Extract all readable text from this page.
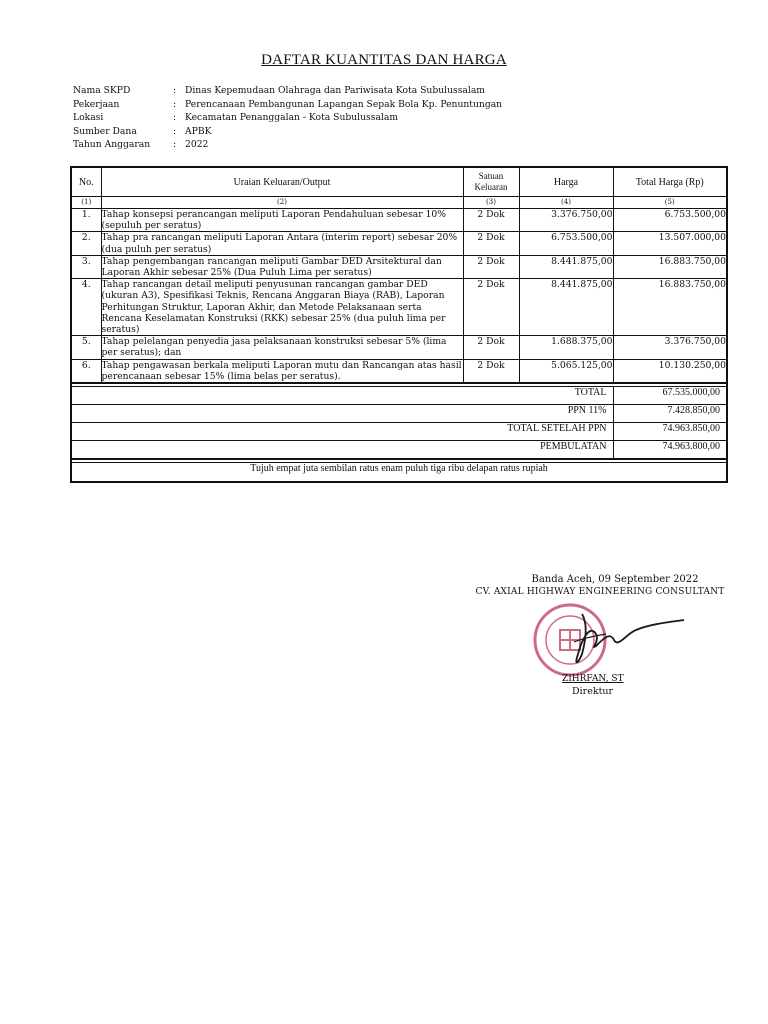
DAFTAR KUANTITAS DAN HARGA
Nama SKPD	: Dinas Kepemudaan Olahraga dan Pariwisata Kota Subulussalam
Pekerjaan	: Perencanaan Pembangunan Lapangan Sepak Bola Kp. Penuntungan
Lokasi	: Kecamatan Penanggalan - Kota Subulussalam
Sumber Dana	: APBK
Tahun Anggaran	: 2022
No.	Uraian Keluaran/Output	Satuan Keluaran	Harga	Total Harga (Rp)
(1)	(2)	(3)	(4)	(5)
1.	Tahap konsepsi perancangan meliputi Laporan Pendahuluan sebesar 10% (sepuluh per seratus)	2 Dok	3.376.750,00	6.753.500,00
2.	Tahap pra rancangan meliputi Laporan Antara (interim report) sebesar 20% (dua puluh per seratus)	2 Dok	6.753.500,00	13.507.000,00
3.	Tahap pengembangan rancangan meliputi Gambar DED Arsitektural dan Laporan Akhir sebesar 25% (Dua Puluh Lima per seratus)	2 Dok	8.441.875,00	16.883.750,00
4.	Tahap rancangan detail meliputi penyusunan rancangan gambar DED (ukuran A3), Spesifikasi Teknis, Rencana Anggaran Biaya (RAB), Laporan Perhitungan Struktur, Laporan Akhir, dan Metode Pelaksanaan serta Rencana Keselamatan Konstruksi (RKK) sebesar 25% (dua puluh lima per seratus)	2 Dok	8.441.875,00	16.883.750,00
5.	Tahap pelelangan penyedia jasa pelaksanaan konstruksi sebesar 5% (lima per seratus); dan	2 Dok	1.688.375,00	3.376.750,00
6.	Tahap pengawasan berkala meliputi Laporan mutu dan Rancangan atas hasil perencanaan sebesar 15% (lima belas per seratus).	2 Dok	5.065.125,00	10.130.250,00

TOTAL				67.535.000,00
PPN 11%				7.428.850,00
TOTAL SETELAH PPN				74.963.850,00
PEMBULATAN				74.963.800,00

Tujuh empat juta sembilan ratus enam puluh tiga ribu delapan ratus rupiah				
Banda Aceh, 09 September 2022
CV. AXIAL HIGHWAY ENGINEERING CONSULTANT
ZIHRFAN, ST
Direktur
